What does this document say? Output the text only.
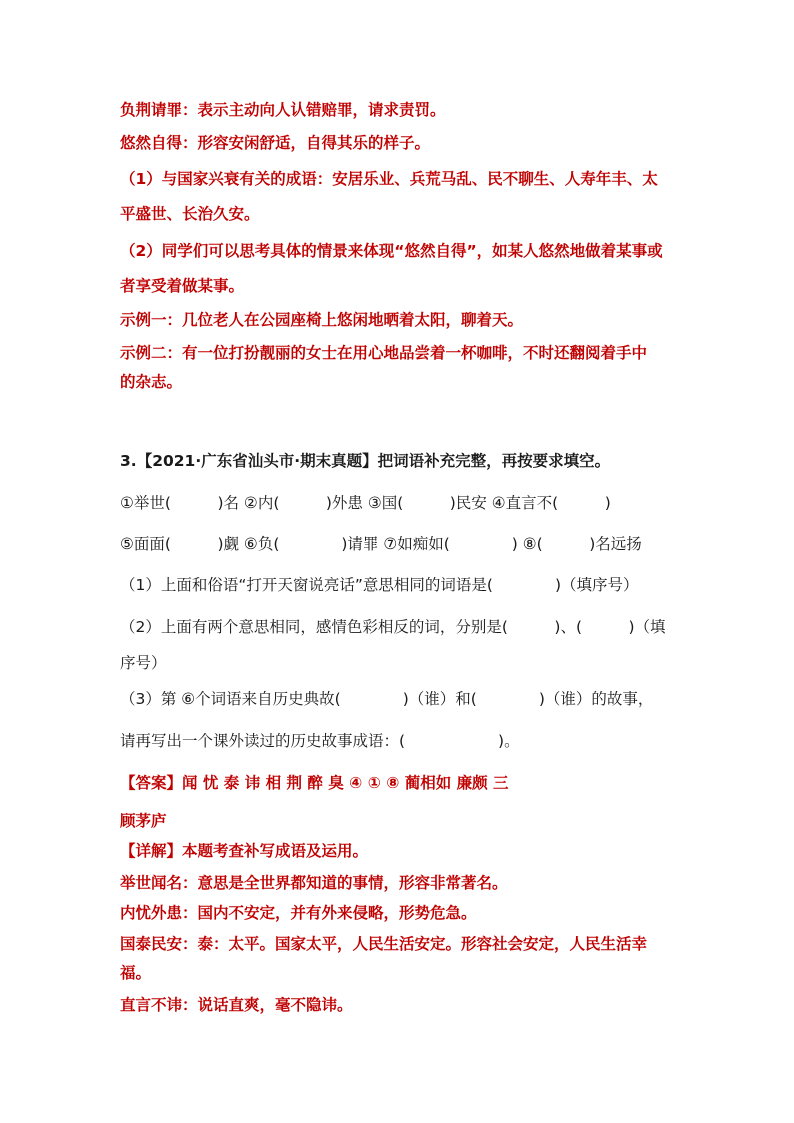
负荆请罪：表示主动向人认错赔罪，请求责罚。
悠然自得：形容安闲舒适，自得其乐的样子。
（1）与国家兴衰有关的成语：安居乐业、兵荒马乱、民不聊生、人寿年丰、太
平盛世、长治久安。
（2）同学们可以思考具体的情景来体现“悠然自得”，如某人悠然地做着某事或
者享受着做某事。
示例一：几位老人在公园座椅上悠闲地晒着太阳，聊着天。
示例二：有一位打扮靓丽的女士在用心地品尝着一杯咖啡，不时还翻阅着手中
的杂志。
3.【2021·广东省汕头市·期末真题】把词语补充完整，再按要求填空。
①举世(　　　)名 ②内(　　　)外患 ③国(　　　)民安 ④直言不(　　　)
⑤面面(　　　)觑 ⑥负(　　　　)请罪 ⑦如痴如(　　　　) ⑧(　　　)名远扬
（1）上面和俗语“打开天窗说亮话”意思相同的词语是(　　　　)（填序号）
（2）上面有两个意思相同，感情色彩相反的词，分别是(　　　)、(　　　)（填
序号）
（3）第 ⑥个词语来自历史典故(　　　　)（谁）和(　　　　)（谁）的故事，
请再写出一个课外读过的历史故事成语：(　　　　　　)。
【答案】闻 忧 泰 讳 相 荆 醉 臭 ④ ① ⑧ 蔺相如 廉颇 三
顾茅庐
【详解】本题考查补写成语及运用。
举世闻名：意思是全世界都知道的事情，形容非常著名。
内忧外患：国内不安定，并有外来侵略，形势危急。
国泰民安：泰：太平。国家太平，人民生活安定。形容社会安定，人民生活幸
福。
直言不讳：说话直爽，毫不隐讳。
